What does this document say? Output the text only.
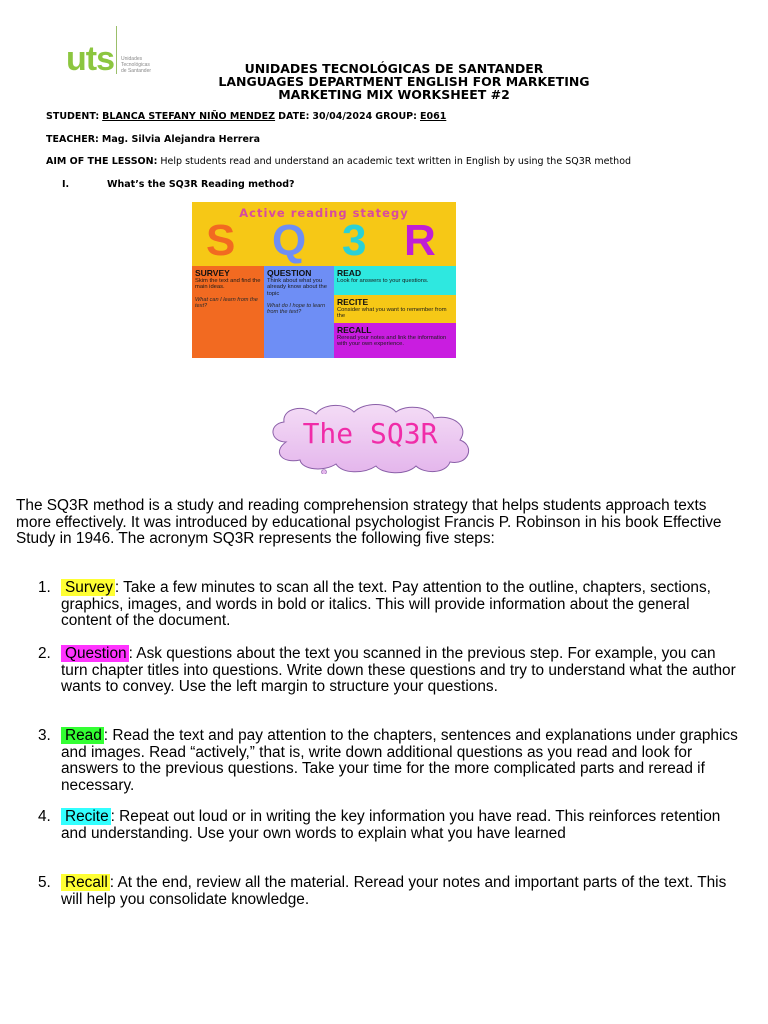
uts Unidades
Tecnológicas
de Santander	UNIDADES TECNOLÓGICAS DE SANTANDER
LANGUAGES DEPARTMENT ENGLISH FOR MARKETING
MARKETING MIX WORKSHEET #2
STUDENT: BLANCA STEFANY NIÑO MENDEZ DATE: 30/04/2024 GROUP: E061
TEACHER: Mag. Silvia Alejandra Herrera
AIM OF THE LESSON: Help students read and understand an academic text written in English by using the SQ3R method
I.	What’s the SQ3R Reading method?
Active reading stategy
S Q 3 R
SURVEY
Skim the text and find the main ideas.
What can I learn from the text?
QUESTION
Think about what you already know about the topic
What do I hope to learn from the text?
READ
Look for answers to your questions.
RECITE
Consider what you want to remember from the
RECALL
Reread your notes and link the information with your own experience.
The SQ3R
The SQ3R method is a study and reading comprehension strategy that helps students approach texts more effectively. It was introduced by educational psychologist Francis P. Robinson in his book Effective Study in 1946. The acronym SQ3R represents the following five steps:
1. Survey : Take a few minutes to scan all the text. Pay attention to the outline, chapters, sections, graphics, images, and words in bold or italics. This will provide information about the general content of the document.
2. Question : Ask questions about the text you scanned in the previous step. For example, you can turn chapter titles into questions. Write down these questions and try to understand what the author wants to convey. Use the left margin to structure your questions.
3. Read : Read the text and pay attention to the chapters, sentences and explanations under graphics and images. Read “actively,” that is, write down additional questions as you read and look for answers to the previous questions. Take your time for the more complicated parts and reread if necessary.
4. Recite : Repeat out loud or in writing the key information you have read. This reinforces retention and understanding. Use your own words to explain what you have learned
5. Recall : At the end, review all the material. Reread your notes and important parts of the text. This will help you consolidate knowledge.
